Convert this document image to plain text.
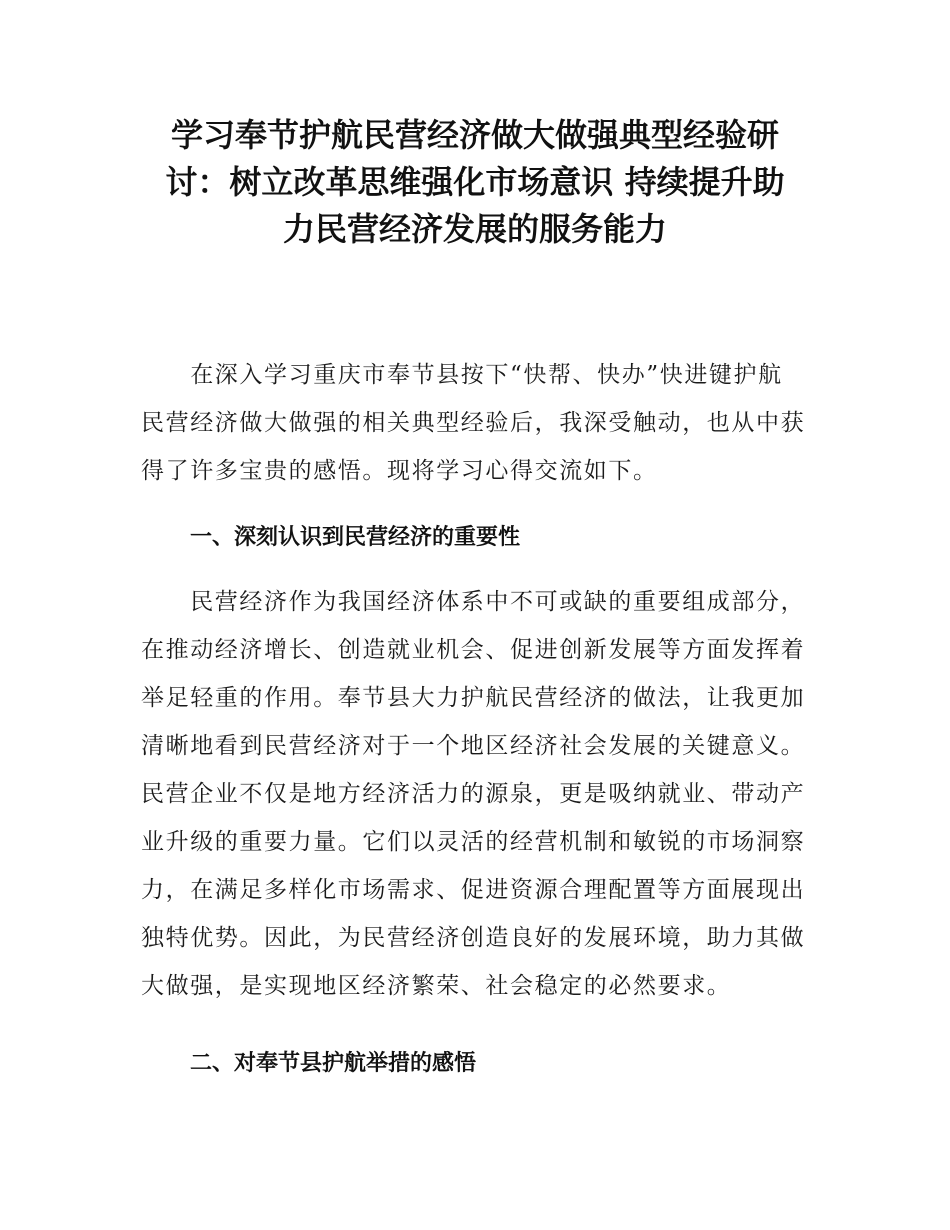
学习奉节护航民营经济做大做强典型经验研
讨：树立改革思维强化市场意识 持续提升助
力民营经济发展的服务能力

　　在深入学习重庆市奉节县按下“快帮、快办”快进键护航
民营经济做大做强的相关典型经验后，我深受触动，也从中获
得了许多宝贵的感悟。现将学习心得交流如下。

一、深刻认识到民营经济的重要性

　　民营经济作为我国经济体系中不可或缺的重要组成部分，
在推动经济增长、创造就业机会、促进创新发展等方面发挥着
举足轻重的作用。奉节县大力护航民营经济的做法，让我更加
清晰地看到民营经济对于一个地区经济社会发展的关键意义。
民营企业不仅是地方经济活力的源泉，更是吸纳就业、带动产
业升级的重要力量。它们以灵活的经营机制和敏锐的市场洞察
力，在满足多样化市场需求、促进资源合理配置等方面展现出
独特优势。因此，为民营经济创造良好的发展环境，助力其做
大做强，是实现地区经济繁荣、社会稳定的必然要求。

二、对奉节县护航举措的感悟
